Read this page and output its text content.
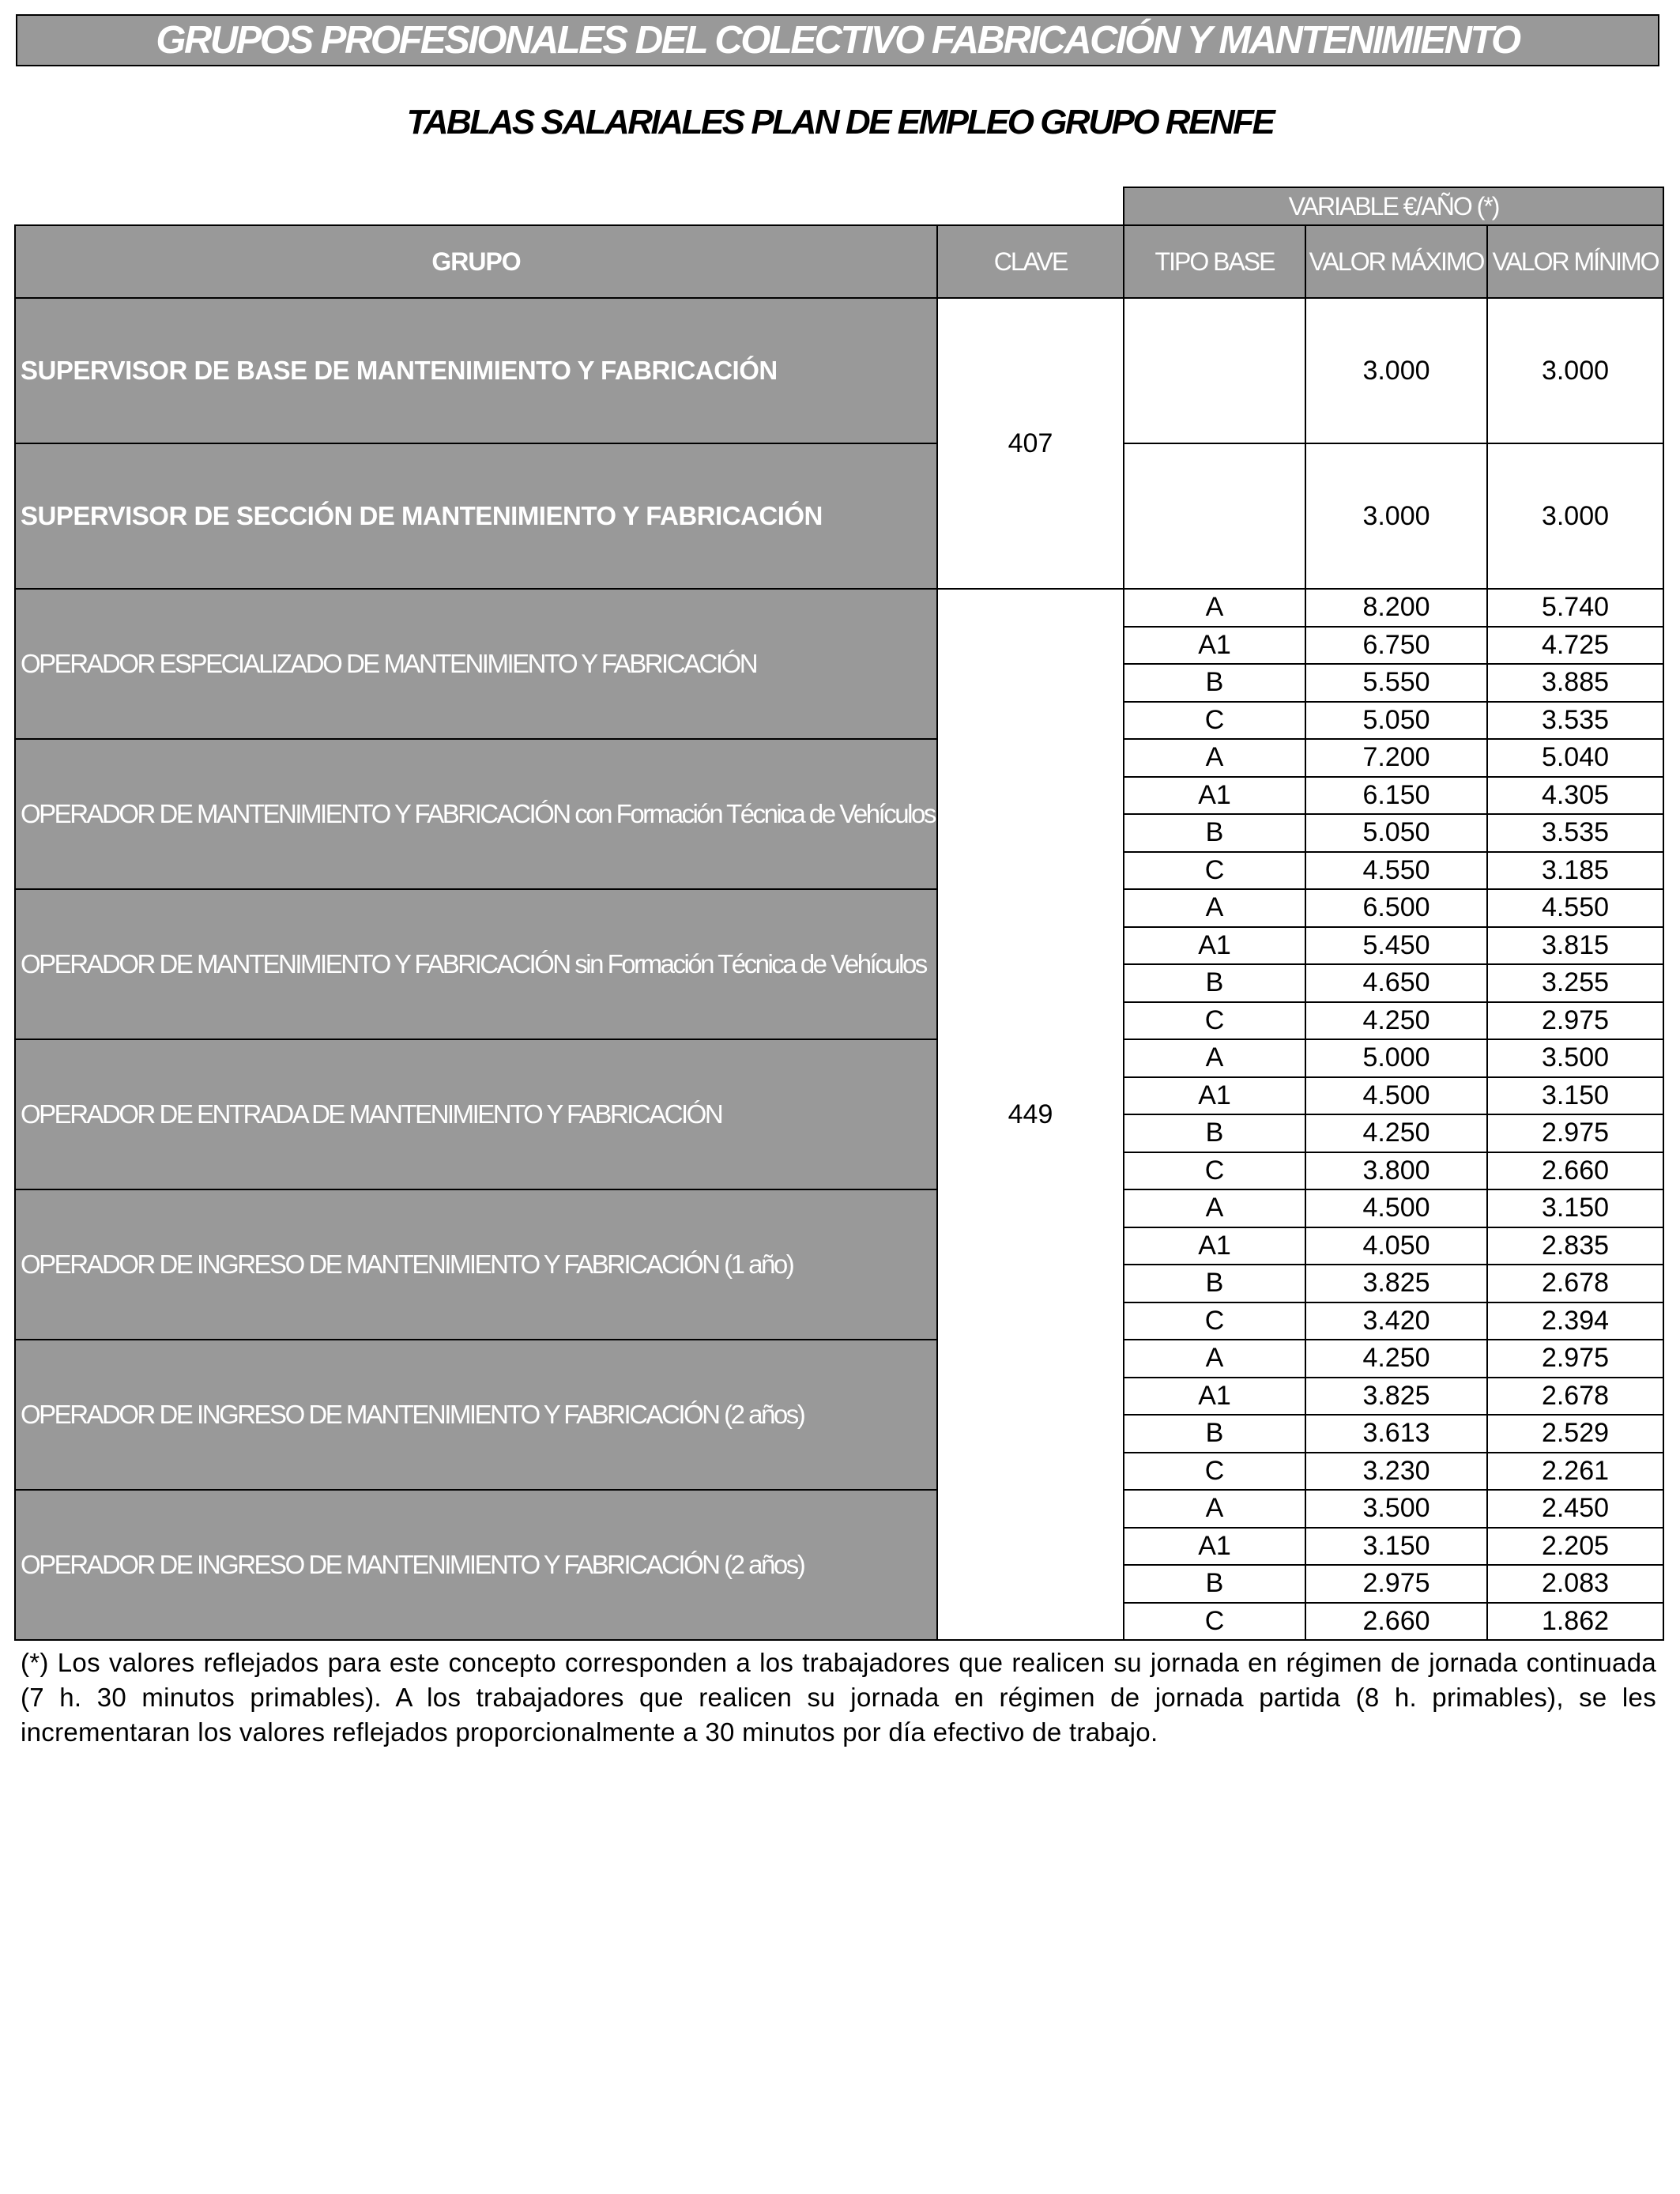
GRUPOS PROFESIONALES DEL COLECTIVO FABRICACIÓN Y MANTENIMIENTO
TABLAS SALARIALES PLAN DE EMPLEO GRUPO RENFE
		VARIABLE €/AÑO (*)		
GRUPO	CLAVE	TIPO BASE	VALOR MÁXIMO	VALOR MÍNIMO
SUPERVISOR DE BASE DE MANTENIMIENTO Y FABRICACIÓN	407		3.000	3.000
SUPERVISOR DE SECCIÓN DE MANTENIMIENTO Y FABRICACIÓN			3.000	3.000
OPERADOR ESPECIALIZADO DE MANTENIMIENTO Y FABRICACIÓN	449	A	8.200	5.740
		A1	6.750	4.725
		B	5.550	3.885
		C	5.050	3.535
OPERADOR DE MANTENIMIENTO Y FABRICACIÓN con Formación Técnica de Vehículos		A	7.200	5.040
		A1	6.150	4.305
		B	5.050	3.535
		C	4.550	3.185
OPERADOR DE MANTENIMIENTO Y FABRICACIÓN sin Formación Técnica de Vehículos		A	6.500	4.550
		A1	5.450	3.815
		B	4.650	3.255
		C	4.250	2.975
OPERADOR DE ENTRADA DE MANTENIMIENTO Y FABRICACIÓN		A	5.000	3.500
		A1	4.500	3.150
		B	4.250	2.975
		C	3.800	2.660
OPERADOR DE INGRESO DE MANTENIMIENTO Y FABRICACIÓN (1 año)		A	4.500	3.150
		A1	4.050	2.835
		B	3.825	2.678
		C	3.420	2.394
OPERADOR DE INGRESO DE MANTENIMIENTO Y FABRICACIÓN (2 años)		A	4.250	2.975
		A1	3.825	2.678
		B	3.613	2.529
		C	3.230	2.261
OPERADOR DE INGRESO DE MANTENIMIENTO Y FABRICACIÓN (2 años)		A	3.500	2.450
		A1	3.150	2.205
		B	2.975	2.083
		C	2.660	1.862
(*) Los valores reflejados para este concepto corresponden a los trabajadores que realicen su jornada en régimen de jornada continuada (7 h. 30 minutos primables). A los trabajadores que realicen su jornada en régimen de jornada partida (8 h. primables), se les incrementaran los valores reflejados proporcionalmente a 30 minutos por día efectivo de trabajo.
